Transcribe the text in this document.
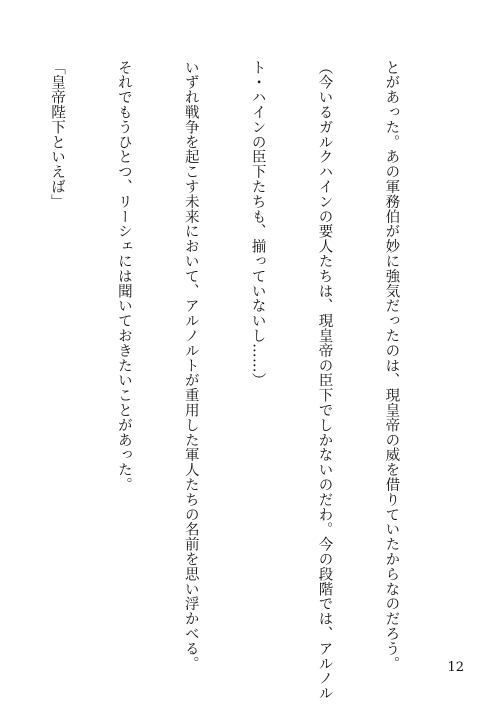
とがあった。あの軍務伯が妙に強気だったのは、現皇帝の威を借りていたからなのだろう。

（今いるガルクハインの要人たちは、現皇帝の臣下でしかないのだわ。今の段階では、アルノル

ト・ハインの臣下たちも、揃っていないし……）

いずれ戦争を起こす未来において、アルノルトが重用した軍人たちの名前を思い浮かべる。

それでもうひとつ、リーシェには聞いておきたいことがあった。

「皇帝陛下といえば」

12
